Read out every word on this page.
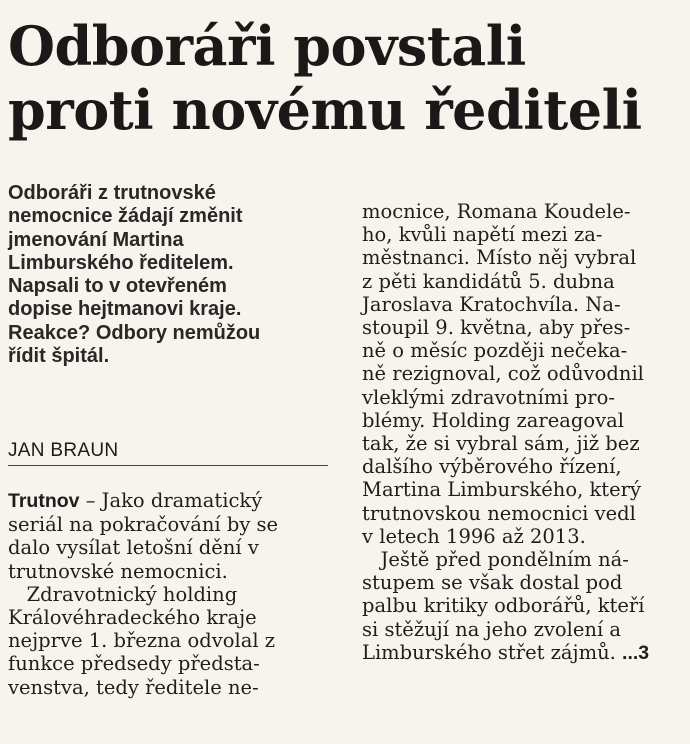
Odboráři povstali
proti novému řediteli
Odboráři z trutnovské
nemocnice žádají změnit
jmenování Martina
Limburského ředitelem.
Napsali to v otevřeném
dopise hejtmanovi kraje.
Reakce? Odbory nemůžou
řídit špitál.
JAN BRAUN
Trutnov – Jako dramatický
seriál na pokračování by se
dalo vysílat letošní dění v
trutnovské nemocnici.
Zdravotnický holding
Královéhradeckého kraje
nejprve 1. března odvolal z
funkce předsedy předsta-
venstva, tedy ředitele ne-
mocnice, Romana Koudele-
ho, kvůli napětí mezi za-
městnanci. Místo něj vybral
z pěti kandidátů 5. dubna
Jaroslava Kratochvíla. Na-
stoupil 9. května, aby přes-
ně o měsíc později nečeka-
ně rezignoval, což odůvodnil
vleklými zdravotními pro-
blémy. Holding zareagoval
tak, že si vybral sám, již bez
dalšího výběrového řízení,
Martina Limburského, který
trutnovskou nemocnici vedl
v letech 1996 až 2013.
Ještě před pondělním ná-
stupem se však dostal pod
palbu kritiky odborářů, kteří
si stěžují na jeho zvolení a
Limburského střet zájmů. ...3
